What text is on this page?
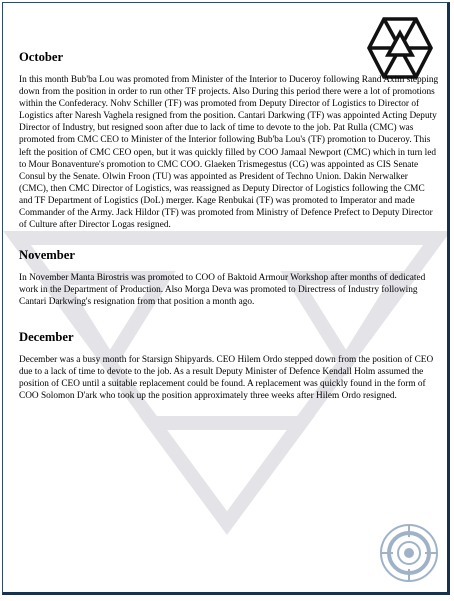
October

In this month Bub'ba Lou was promoted from Minister of the Interior to Duceroy following Rand Axim stepping down from the position in order to run other TF projects. Also During this period there were a lot of promotions within the Confederacy. Nohv Schiller (TF) was promoted from Deputy Director of Logistics to Director of Logistics after Naresh Vaghela resigned from the position. Cantari Darkwing (TF) was appointed Acting Deputy Director of Industry, but resigned soon after due to lack of time to devote to the job. Pat Rulla (CMC) was promoted from CMC CEO to Minister of the Interior following Bub'ba Lou's (TF) promotion to Duceroy. This left the position of CMC CEO open, but it was quickly filled by COO Jamaal Newport (CMC) which in turn led to Mour Bonaventure's promotion to CMC COO. Glaeken Trismegestus (CG) was appointed as CIS Senate Consul by the Senate. Olwin Froon (TU) was appointed as President of Techno Union. Dakin Nerwalker (CMC), then CMC Director of Logistics, was reassigned as Deputy Director of Logistics following the CMC and TF Department of Logistics (DoL) merger. Kage Renbukai (TF) was promoted to Imperator and made Commander of the Army. Jack Hildor (TF) was promoted from Ministry of Defence Prefect to Deputy Director of Culture after Director Logas resigned.

November

In November Manta Birostris was promoted to COO of Baktoid Armour Workshop after months of dedicated work in the Department of Production. Also Morga Deva was promoted to Directress of Industry following Cantari Darkwing's resignation from that position a month ago.

December

December was a busy month for Starsign Shipyards. CEO Hilem Ordo stepped down from the position of CEO due to a lack of time to devote to the job. As a result Deputy Minister of Defence Kendall Holm assumed the position of CEO until a suitable replacement could be found. A replacement was quickly found in the form of COO Solomon D'ark who took up the position approximately three weeks after Hilem Ordo resigned.
